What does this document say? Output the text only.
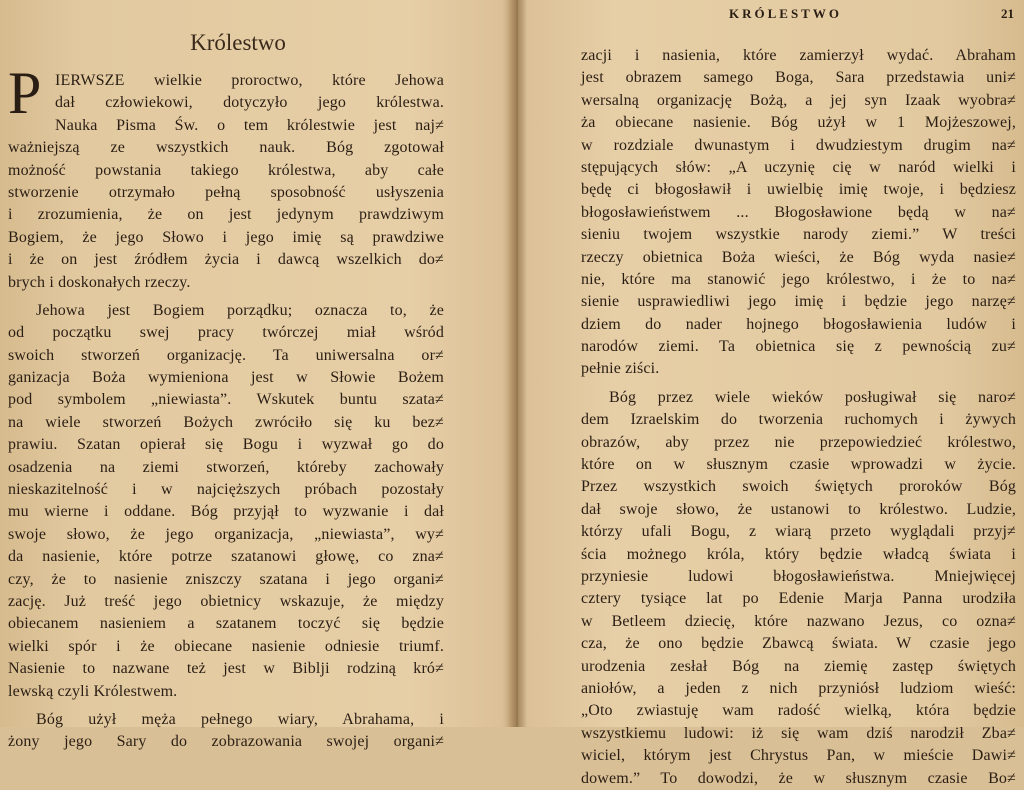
Królestwo
P IERWSZE wielkie proroctwo, które Jehowa
dał człowiekowi, dotyczyło jego królestwa.
Nauka Pisma Św. o tem królestwie jest naj≠
ważniejszą ze wszystkich nauk. Bóg zgotował
możność powstania takiego królestwa, aby całe
stworzenie otrzymało pełną sposobność usłyszenia
i zrozumienia, że on jest jedynym prawdziwym
Bogiem, że jego Słowo i jego imię są prawdziwe
i że on jest źródłem życia i dawcą wszelkich do≠
brych i doskonałych rzeczy.
Jehowa jest Bogiem porządku; oznacza to, że
od początku swej pracy twórczej miał wśród
swoich stworzeń organizację. Ta uniwersalna or≠
ganizacja Boża wymieniona jest w Słowie Bożem
pod symbolem „niewiasta”. Wskutek buntu szata≠
na wiele stworzeń Bożych zwróciło się ku bez≠
prawiu. Szatan opierał się Bogu i wyzwał go do
osadzenia na ziemi stworzeń, któreby zachowały
nieskazitelność i w najcięższych próbach pozostały
mu wierne i oddane. Bóg przyjął to wyzwanie i dał
swoje słowo, że jego organizacja, „niewiasta”, wy≠
da nasienie, które potrze szatanowi głowę, co zna≠
czy, że to nasienie zniszczy szatana i jego organi≠
zację. Już treść jego obietnicy wskazuje, że między
obiecanem nasieniem a szatanem toczyć się będzie
wielki spór i że obiecane nasienie odniesie triumf.
Nasienie to nazwane też jest w Biblji rodziną kró≠
lewską czyli Królestwem.
Bóg użył męża pełnego wiary, Abrahama, i
żony jego Sary do zobrazowania swojej organi≠
KRÓLESTWO	21
zacji i nasienia, które zamierzył wydać. Abraham
jest obrazem samego Boga, Sara przedstawia uni≠
wersalną organizację Bożą, a jej syn Izaak wyobra≠
ża obiecane nasienie. Bóg użył w 1 Mojżeszowej,
w rozdziale dwunastym i dwudziestym drugim na≠
stępujących słów: „A uczynię cię w naród wielki i
będę ci błogosławił i uwielbię imię twoje, i będziesz
błogosławieństwem ... Błogosławione będą w na≠
sieniu twojem wszystkie narody ziemi.” W treści
rzeczy obietnica Boża wieści, że Bóg wyda nasie≠
nie, które ma stanowić jego królestwo, i że to na≠
sienie usprawiedliwi jego imię i będzie jego narzę≠
dziem do nader hojnego błogosławienia ludów i
narodów ziemi. Ta obietnica się z pewnością zu≠
pełnie ziści.
Bóg przez wiele wieków posługiwał się naro≠
dem Izraelskim do tworzenia ruchomych i żywych
obrazów, aby przez nie przepowiedzieć królestwo,
które on w słusznym czasie wprowadzi w życie.
Przez wszystkich swoich świętych proroków Bóg
dał swoje słowo, że ustanowi to królestwo. Ludzie,
którzy ufali Bogu, z wiarą przeto wyglądali przyj≠
ścia możnego króla, który będzie władcą świata i
przyniesie ludowi błogosławieństwa. Mniejwięcej
cztery tysiące lat po Edenie Marja Panna urodziła
w Betleem dziecię, które nazwano Jezus, co ozna≠
cza, że ono będzie Zbawcą świata. W czasie jego
urodzenia zesłał Bóg na ziemię zastęp świętych
aniołów, a jeden z nich przyniósł ludziom wieść:
„Oto zwiastuję wam radość wielką, która będzie
wszystkiemu ludowi: iż się wam dziś narodził Zba≠
wiciel, którym jest Chrystus Pan, w mieście Dawi≠
dowem.” To dowodzi, że w słusznym czasie Bo≠
